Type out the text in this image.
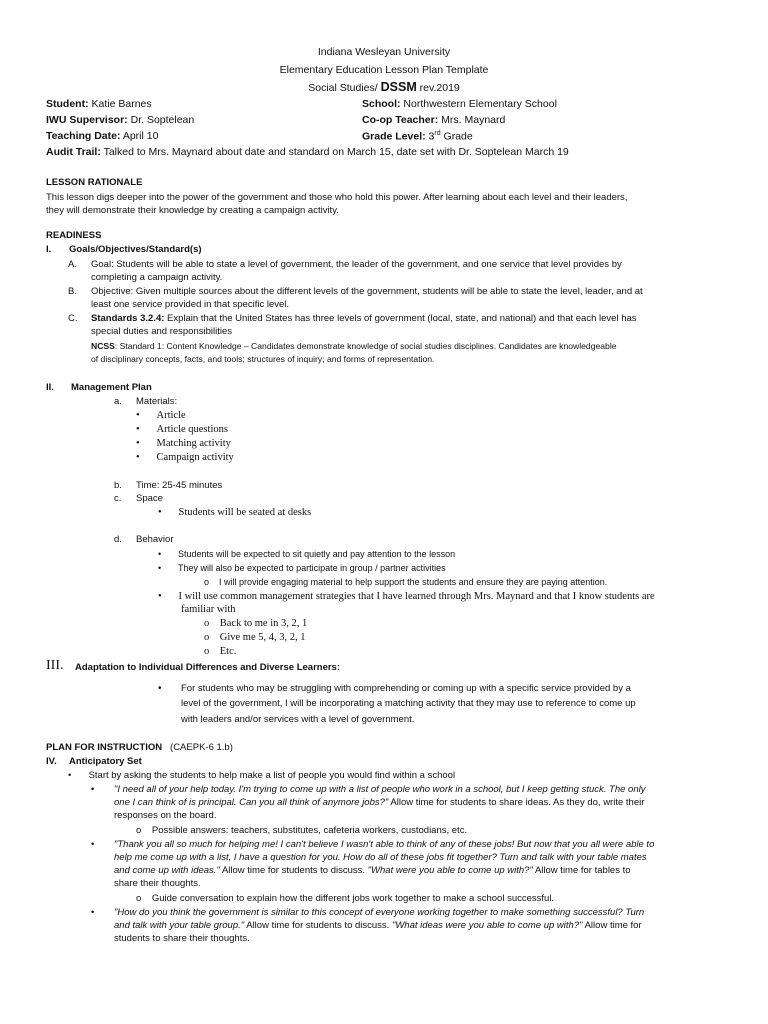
Indiana Wesleyan University
Elementary Education Lesson Plan Template
Social Studies/ DSSM rev.2019
Student: Katie Barnes	School: Northwestern Elementary School
IWU Supervisor: Dr. Soptelean	Co-op Teacher: Mrs. Maynard
Teaching Date: April 10	Grade Level: 3rd Grade
Audit Trail: Talked to Mrs. Maynard about date and standard on March 15, date set with Dr. Soptelean March 19
LESSON RATIONALE
This lesson digs deeper into the power of the government and those who hold this power. After learning about each level and their leaders,
they will demonstrate their knowledge by creating a campaign activity.
READINESS
I. Goals/Objectives/Standard(s)
A. Goal: Students will be able to state a level of government, the leader of the government, and one service that level provides by
completing a campaign activity.
B. Objective: Given multiple sources about the different levels of the government, students will be able to state the level, leader, and at
least one service provided in that specific level.
C. Standards 3.2.4: Explain that the United States has three levels of government (local, state, and national) and that each level has
special duties and responsibilities
NCSS: Standard 1: Content Knowledge – Candidates demonstrate knowledge of social studies disciplines. Candidates are knowledgeable
of disciplinary concepts, facts, and tools; structures of inquiry; and forms of representation.
II. Management Plan
a. Materials:
• Article
• Article questions
• Matching activity
• Campaign activity
b. Time: 25-45 minutes
c. Space
• Students will be seated at desks
d. Behavior
• Students will be expected to sit quietly and pay attention to the lesson
• They will also be expected to participate in group / partner activities
o I will provide engaging material to help support the students and ensure they are paying attention.
• I will use common management strategies that I have learned through Mrs. Maynard and that I know students are
familiar with
o Back to me in 3, 2, 1
o Give me 5, 4, 3, 2, 1
o Etc.
III. Adaptation to Individual Differences and Diverse Learners:
•	For students who may be struggling with comprehending or coming up with a specific service provided by a
level of the government, I will be incorporating a matching activity that they may use to reference to come up
with leaders and/or services with a level of government.
PLAN FOR INSTRUCTION (CAEPK-6 1.b)
IV. Anticipatory Set
• Start by asking the students to help make a list of people you would find within a school
•	"I need all of your help today. I'm trying to come up with a list of people who work in a school, but I keep getting stuck. The only
one I can think of is principal. Can you all think of anymore jobs?" Allow time for students to share ideas. As they do, write their
responses on the board.
o Possible answers: teachers, substitutes, cafeteria workers, custodians, etc.
•	"Thank you all so much for helping me! I can't believe I wasn't able to think of any of these jobs! But now that you all were able to
help me come up with a list, I have a question for you. How do all of these jobs fit together? Turn and talk with your table mates
and come up with ideas." Allow time for students to discuss. "What were you able to come up with?" Allow time for tables to
share their thoughts.
o Guide conversation to explain how the different jobs work together to make a school successful.
•	"How do you think the government is similar to this concept of everyone working together to make something successful? Turn
and talk with your table group." Allow time for students to discuss. "What ideas were you able to come up with?" Allow time for
students to share their thoughts.
